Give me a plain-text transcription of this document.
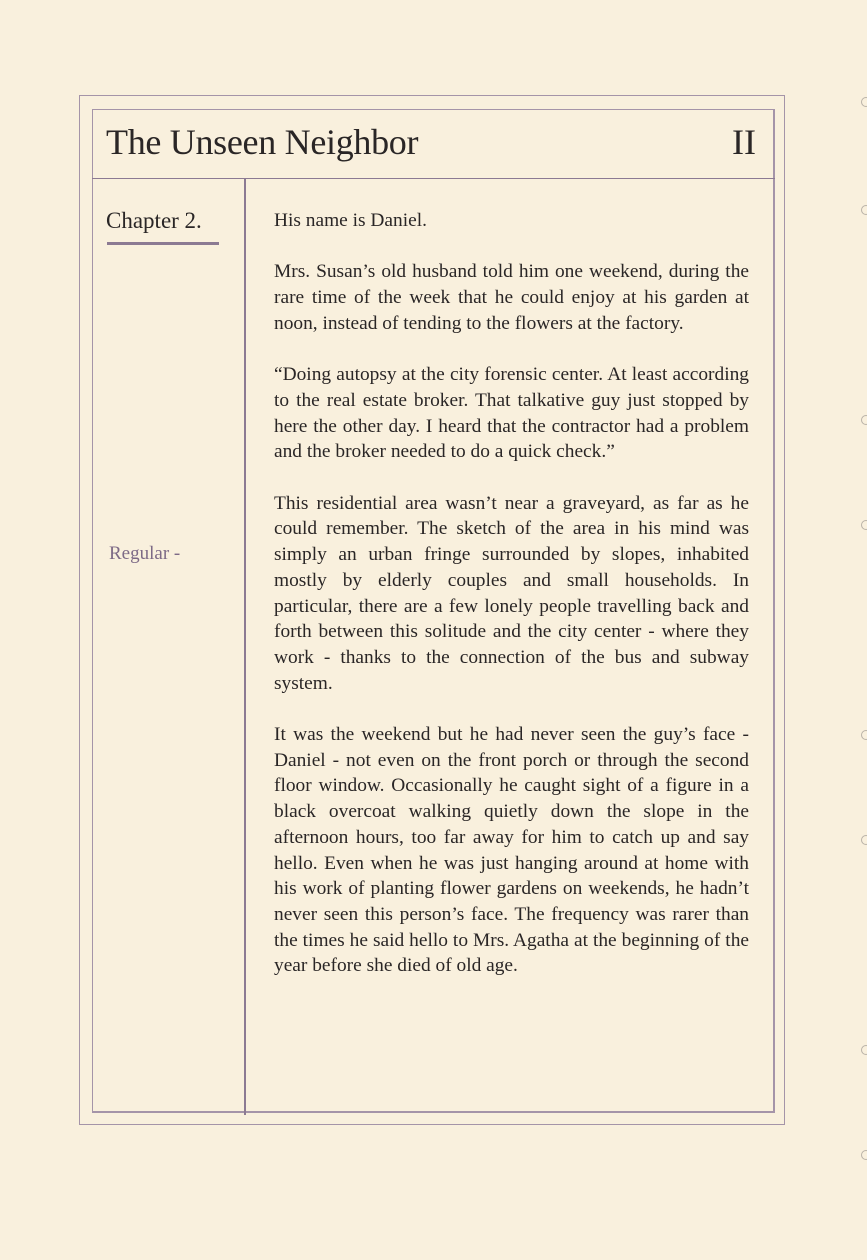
The Unseen Neighbor	II
Chapter 2.
Regular -

His name is Daniel.

Mrs. Susan’s old husband told him one weekend, during the rare time of the week that he could enjoy at his garden at noon, instead of tending to the flowers at the factory.

“Doing autopsy at the city forensic center. At least according to the real estate broker. That talkative guy just stopped by here the other day. I heard that the contractor had a problem and the broker needed to do a quick check.”

This residential area wasn’t near a graveyard, as far as he could remember. The sketch of the area in his mind was simply an urban fringe surrounded by slopes, inhabited mostly by elderly couples and small households. In particular, there are a few lonely people travelling back and forth between this solitude and the city center - where they work - thanks to the connection of the bus and subway system.

It was the weekend but he had never seen the guy’s face - Daniel - not even on the front porch or through the second floor window. Occasionally he caught sight of a figure in a black overcoat walking quietly down the slope in the afternoon hours, too far away for him to catch up and say hello. Even when he was just hanging around at home with his work of planting flower gardens on weekends, he hadn’t never seen this person’s face. The frequency was rarer than the times he said hello to Mrs. Agatha at the beginning of the year before she died of old age.
